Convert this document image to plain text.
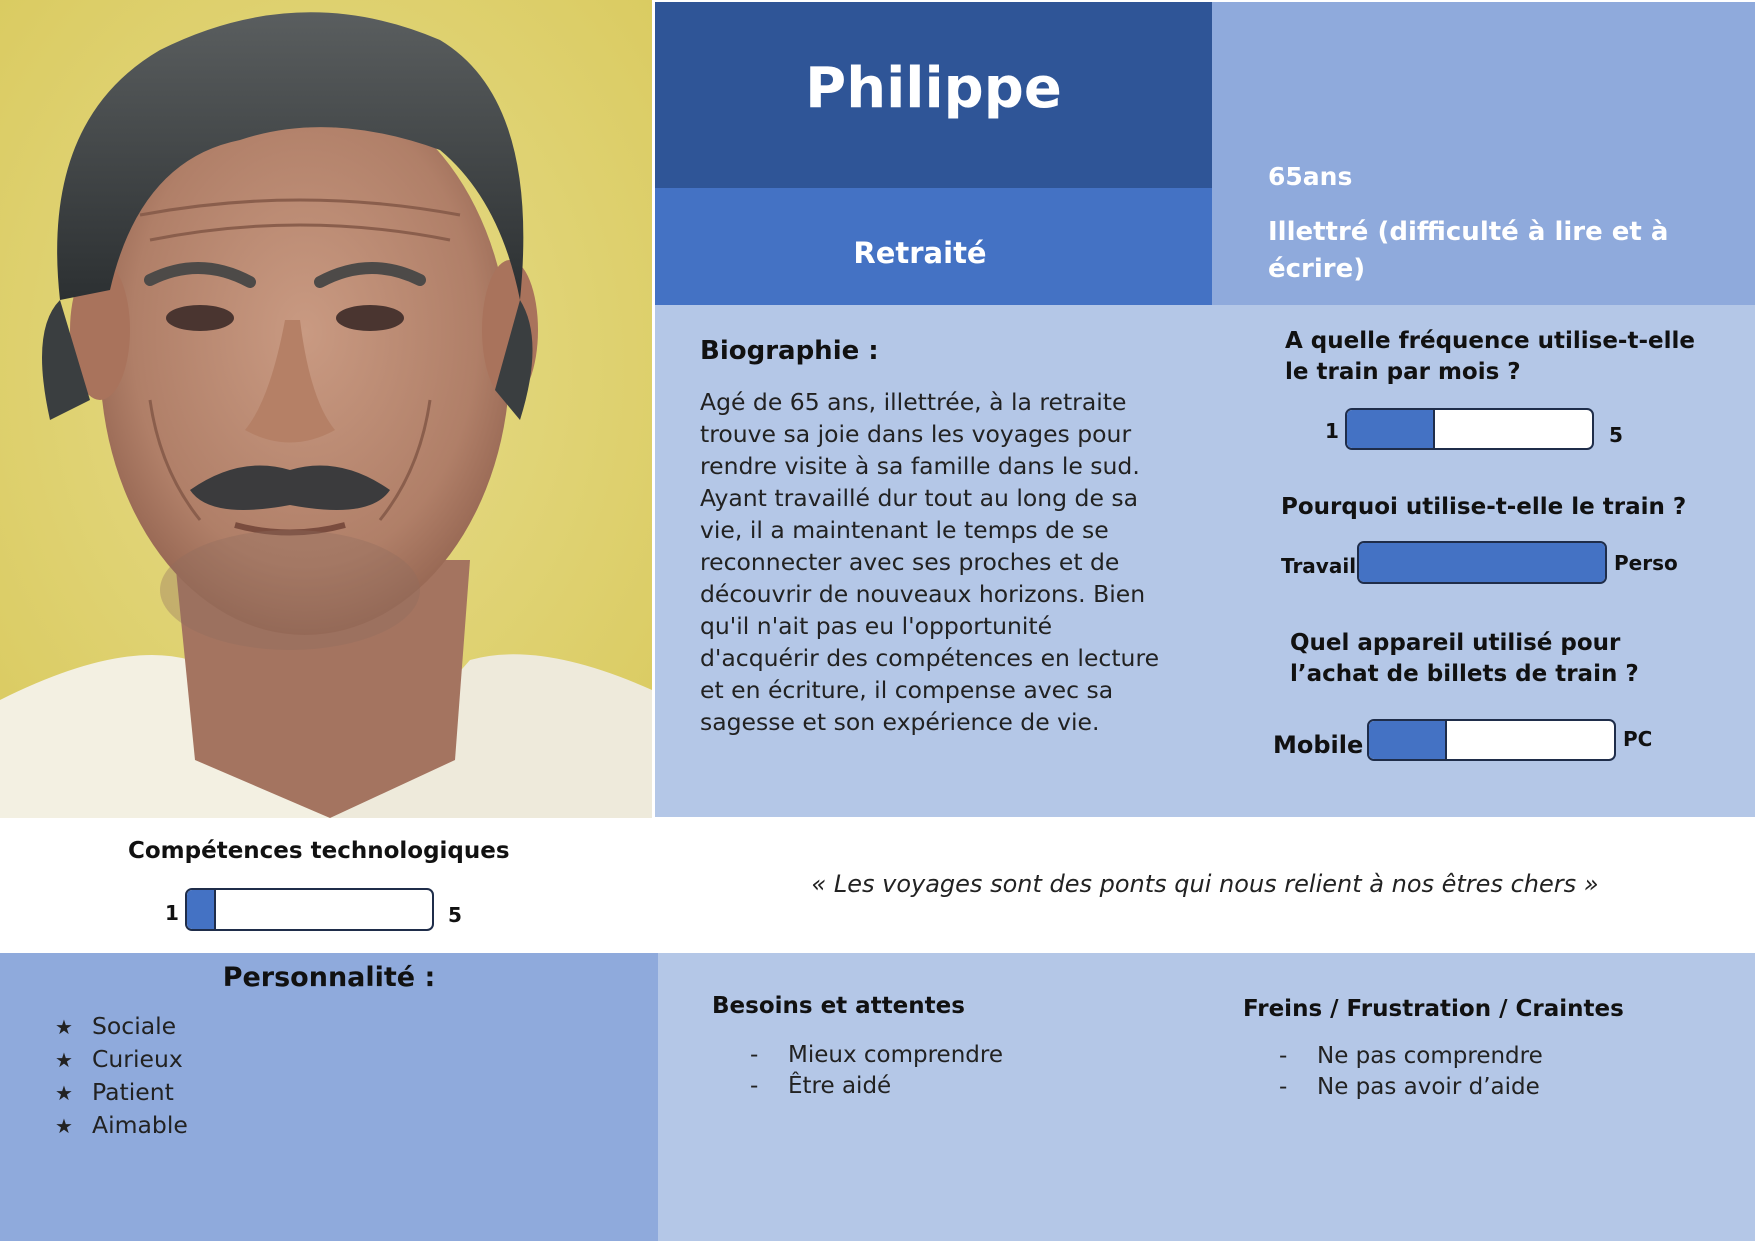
Philippe
Retraité
65ans
Illettré (difficulté à lire et à écrire)
Biographie :
Agé de 65 ans, illettrée, à la retraite trouve sa joie dans les voyages pour rendre visite à sa famille dans le sud. Ayant travaillé dur tout au long de sa vie, il a maintenant le temps de se reconnecter avec ses proches et de découvrir de nouveaux horizons. Bien qu'il n'ait pas eu l'opportunité d'acquérir des compétences en lecture et en écriture, il compense avec sa sagesse et son expérience de vie.
A quelle fréquence utilise-t-elle le train par mois ?
1	5
Pourquoi utilise-t-elle le train ?
Travail	Perso
Quel appareil utilisé pour l’achat de billets de train ?
Mobile	PC
Compétences technologiques
1	5
« Les voyages sont des ponts qui nous relient à nos êtres chers »
Personnalité :
★ Sociale
★ Curieux
★ Patient
★ Aimable
Besoins et attentes
- Mieux comprendre
- Être aidé
Freins / Frustration / Craintes
- Ne pas comprendre
- Ne pas avoir d’aide
